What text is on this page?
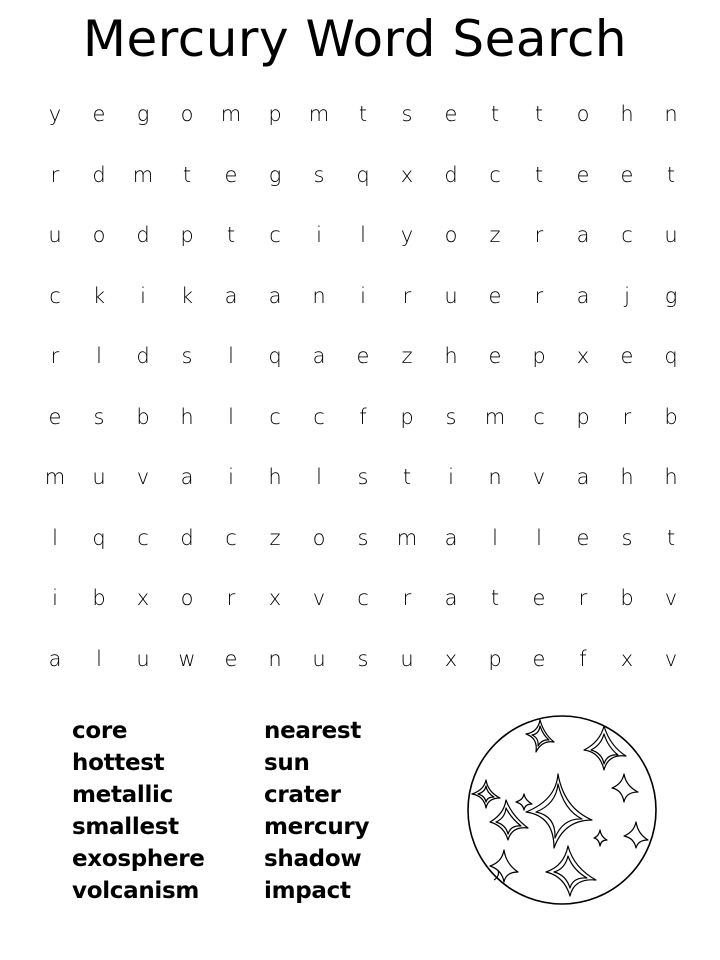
Mercury Word Search
y	e	g	o	m	p	m	t	s	e	t	t	o	h	n
r	d	m	t	e	g	s	q	x	d	c	t	e	e	t
u	o	d	p	t	c	i	l	y	o	z	r	a	c	u
c	k	i	k	a	a	n	i	r	u	e	r	a	j	g
r	l	d	s	l	q	a	e	z	h	e	p	x	e	q
e	s	b	h	l	c	c	f	p	s	m	c	p	r	b
m	u	v	a	i	h	l	s	t	i	n	v	a	h	h
l	q	c	d	c	z	o	s	m	a	l	l	e	s	t
i	b	x	o	r	x	v	c	r	a	t	e	r	b	v
a	l	u	w	e	n	u	s	u	x	p	e	f	x	v
core
hottest
metallic
smallest
exosphere
volcanism
nearest
sun
crater
mercury
shadow
impact
